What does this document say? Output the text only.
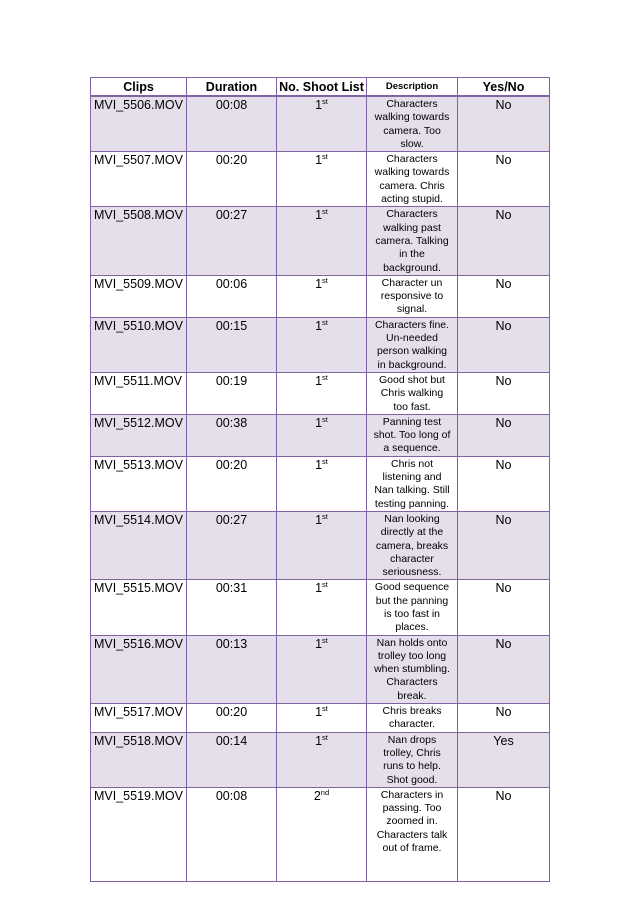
Clips	Duration	No. Shoot List	Description	Yes/No
MVI_5506.MOV	00:08	1st	Characters walking towards camera. Too slow.	No
MVI_5507.MOV	00:20	1st	Characters walking towards camera. Chris acting stupid.	No
MVI_5508.MOV	00:27	1st	Characters walking past camera. Talking in the background.	No
MVI_5509.MOV	00:06	1st	Character un responsive to signal.	No
MVI_5510.MOV	00:15	1st	Characters fine. Un-needed person walking in background.	No
MVI_5511.MOV	00:19	1st	Good shot but Chris walking too fast.	No
MVI_5512.MOV	00:38	1st	Panning test shot. Too long of a sequence.	No
MVI_5513.MOV	00:20	1st	Chris not listening and Nan talking. Still testing panning.	No
MVI_5514.MOV	00:27	1st	Nan looking directly at the camera, breaks character seriousness.	No
MVI_5515.MOV	00:31	1st	Good sequence but the panning is too fast in places.	No
MVI_5516.MOV	00:13	1st	Nan holds onto trolley too long when stumbling. Characters break.	No
MVI_5517.MOV	00:20	1st	Chris breaks character.	No
MVI_5518.MOV	00:14	1st	Nan drops trolley, Chris runs to help. Shot good.	Yes
MVI_5519.MOV	00:08	2nd	Characters in passing. Too zoomed in. Characters talk out of frame.	No
